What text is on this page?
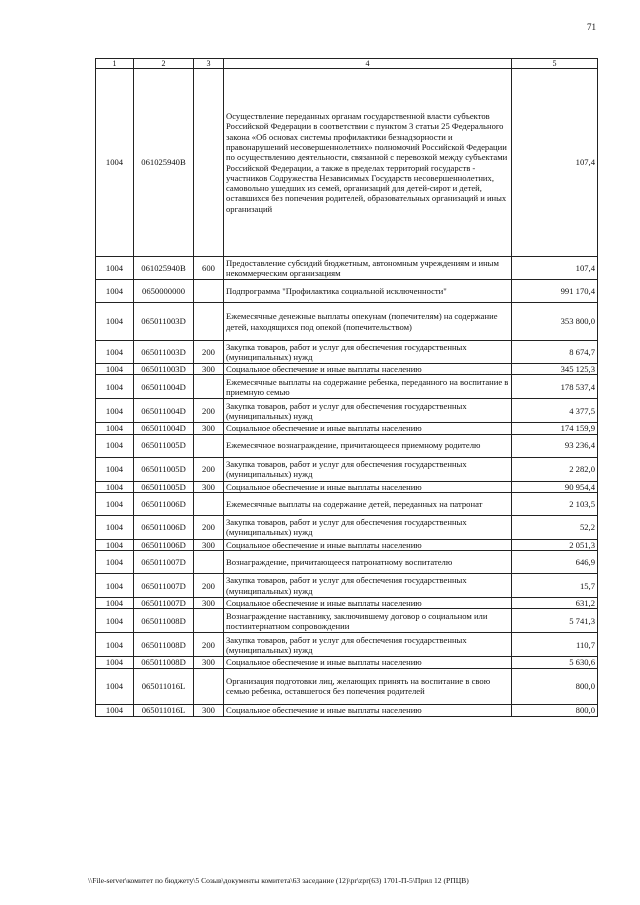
71
1	2	3	4	5
1004	061025940В		Осуществление переданных органам государственной власти субъектов Российской Федерации в соответствии с пунктом 3 статьи 25 Федерального закона «Об основах системы профилактики безнадзорности и правонарушений несовершеннолетних» полномочий Российской Федерации по осуществлению деятельности, связанной с перевозкой между субъектами Российской Федерации, а также в пределах территорий государств - участников Содружества Независимых Государств несовершеннолетних, самовольно ушедших из семей, организаций для детей-сирот и детей, оставшихся без попечения родителей, образовательных организаций и иных организаций	107,4
1004	061025940В	600	Предоставление субсидий бюджетным, автономным учреждениям и иным некоммерческим организациям	107,4
1004	0650000000		Подпрограмма "Профилактика социальной исключенности"	991 170,4
1004	065011003D		Ежемесячные денежные выплаты опекунам (попечителям) на содержание детей, находящихся под опекой (попечительством)	353 800,0
1004	065011003D	200	Закупка товаров, работ и услуг для обеспечения государственных (муниципальных) нужд	8 674,7
1004	065011003D	300	Социальное обеспечение и иные выплаты населению	345 125,3
1004	065011004D		Ежемесячные выплаты на содержание ребенка, переданного на воспитание в приемную семью	178 537,4
1004	065011004D	200	Закупка товаров, работ и услуг для обеспечения государственных (муниципальных) нужд	4 377,5
1004	065011004D	300	Социальное обеспечение и иные выплаты населению	174 159,9
1004	065011005D		Ежемесячное вознаграждение, причитающееся приемному родителю	93 236,4
1004	065011005D	200	Закупка товаров, работ и услуг для обеспечения государственных (муниципальных) нужд	2 282,0
1004	065011005D	300	Социальное обеспечение и иные выплаты населению	90 954,4
1004	065011006D		Ежемесячные выплаты на содержание детей, переданных на патронат	2 103,5
1004	065011006D	200	Закупка товаров, работ и услуг для обеспечения государственных (муниципальных) нужд	52,2
1004	065011006D	300	Социальное обеспечение и иные выплаты населению	2 051,3
1004	065011007D		Вознаграждение, причитающееся патронатному воспитателю	646,9
1004	065011007D	200	Закупка товаров, работ и услуг для обеспечения государственных (муниципальных) нужд	15,7
1004	065011007D	300	Социальное обеспечение и иные выплаты населению	631,2
1004	065011008D		Вознаграждение наставнику, заключившему договор о социальном или постинтернатном сопровождении	5 741,3
1004	065011008D	200	Закупка товаров, работ и услуг для обеспечения государственных (муниципальных) нужд	110,7
1004	065011008D	300	Социальное обеспечение и иные выплаты населению	5 630,6
1004	065011016L		Организация подготовки лиц, желающих принять на воспитание в свою семью ребенка, оставшегося без попечения родителей	800,0
1004	065011016L	300	Социальное обеспечение и иные выплаты населению	800,0
\\File-server\комитет по бюджету\5 Созыв\документы комитета\63 заседание (12)\pr\zpr(63) 1701-П-5\Прил 12 (РПЦВ)
